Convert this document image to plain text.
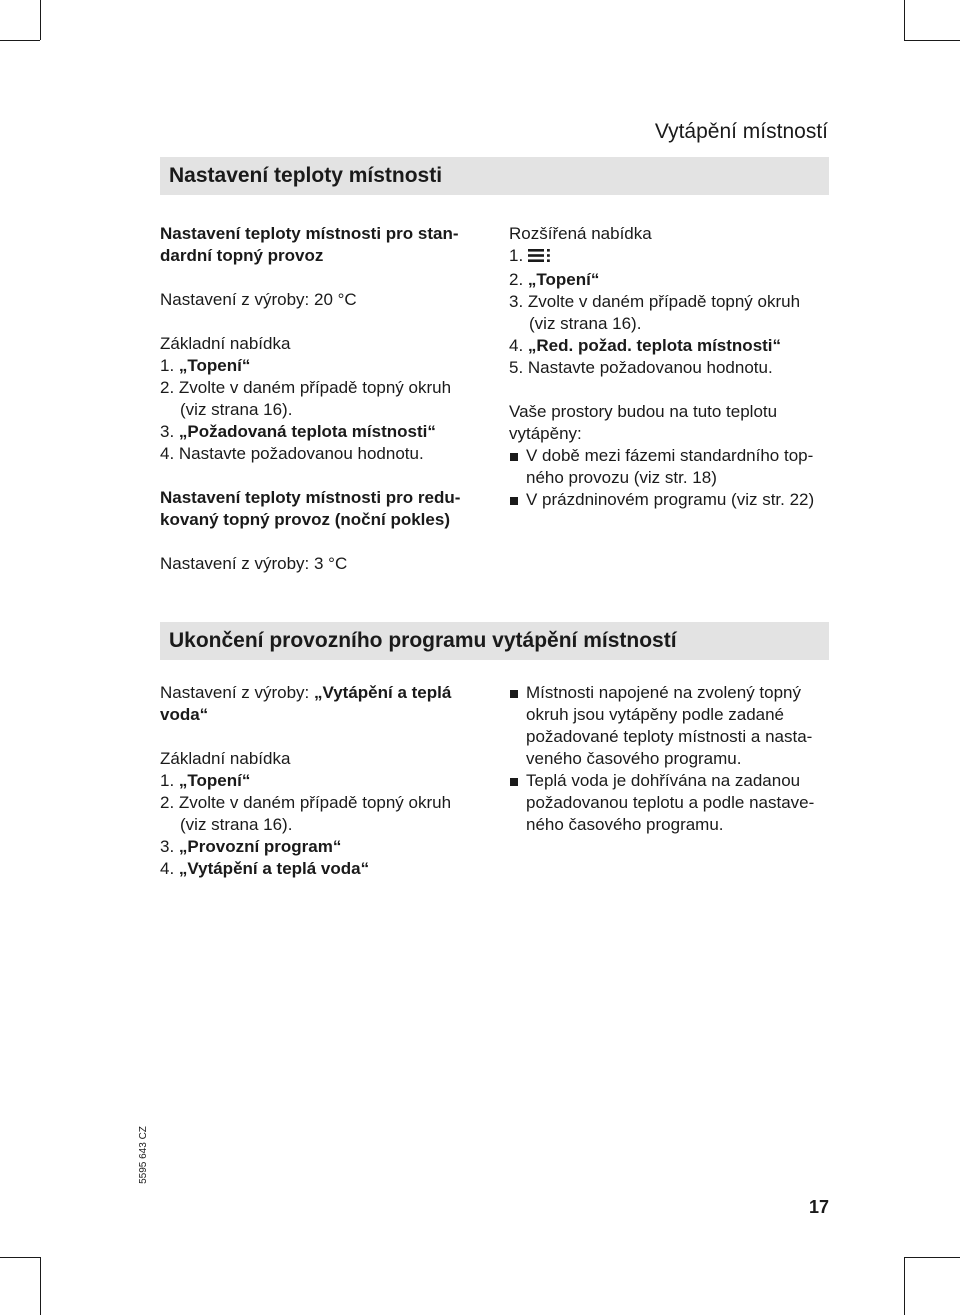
Vytápění místností
Nastavení teploty místnosti

Nastavení teploty místnosti pro stan- dardní topný provoz

Nastavení z výroby: 20 °C

Základní nabídka

1. „Topení“

2. Zvolte v daném případě topný okruh

(viz strana 16).

3. „Požadovaná teplota místnosti“

4. Nastavte požadovanou hodnotu.

Nastavení teploty místnosti pro redu- kovaný topný provoz (noční pokles)

Nastavení z výroby: 3 °C

Rozšířená nabídka

1.

2. „Topení“

3. Zvolte v daném případě topný okruh

(viz strana 16).

4. „Red. požad. teplota místnosti“

5. Nastavte požadovanou hodnotu.

Vaše prostory budou na tuto teplotu vytápěny:

V době mezi fázemi standardního top- ného provozu (viz str. 18)

V prázdninovém programu (viz str. 22)

Ukončení provozního programu vytápění místností

Nastavení z výroby: „Vytápění a teplá voda“

Základní nabídka

1. „Topení“

2. Zvolte v daném případě topný okruh

(viz strana 16).

3. „Provozní program“

4. „Vytápění a teplá voda“

Místnosti napojené na zvolený topný okruh jsou vytápěny podle zadané požadované teploty místnosti a nasta- veného časového programu.

Teplá voda je dohřívána na zadanou požadovanou teplotu a podle nastave- ného časového programu.

5595 643 CZ
17
